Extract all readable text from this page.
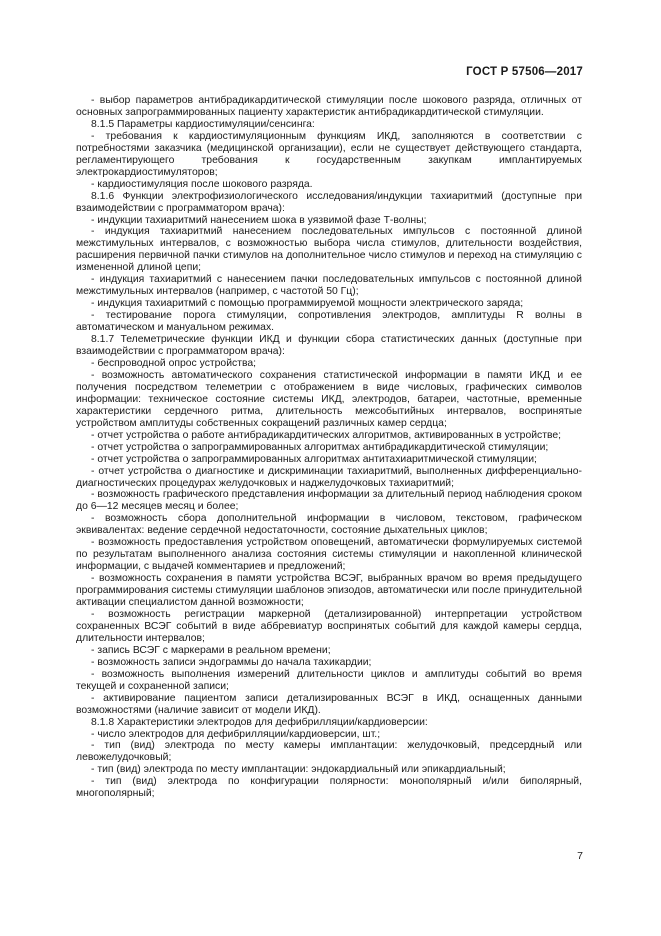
ГОСТ Р 57506—2017

- выбор параметров антибрадикардитической стимуляции после шокового разряда, отличных от основных запрограммированных пациенту характеристик антибрадикардитической стимуляции.

8.1.5 Параметры кардиостимуляции/сенсинга:

- требования к кардиостимуляционным функциям ИКД, заполняются в соответствии с потребностями заказчика (медицинской организации), если не существует действующего стандарта, регламентирующего требования к государственным закупкам имплантируемых электрокардиостимуляторов;

- кардиостимуляция после шокового разряда.

8.1.6 Функции электрофизиологического исследования/индукции тахиаритмий (доступные при взаимодействии с программатором врача):

- индукции тахиаритмий нанесением шока в уязвимой фазе Т-волны;

- индукция тахиаритмий нанесением последовательных импульсов с постоянной длиной межстимульных интервалов, с возможностью выбора числа стимулов, длительности воздействия, расширения первичной пачки стимулов на дополнительное число стимулов и переход на стимуляцию с измененной длиной цепи;

- индукция тахиаритмий с нанесением пачки последовательных импульсов с постоянной длиной межстимульных интервалов (например, с частотой 50 Гц);

- индукция тахиаритмий с помощью программируемой мощности электрического заряда;

- тестирование порога стимуляции, сопротивления электродов, амплитуды R волны в автоматическом и мануальном режимах.

8.1.7 Телеметрические функции ИКД и функции сбора статистических данных (доступные при взаимодействии с программатором врача):

- беспроводной опрос устройства;

- возможность автоматического сохранения статистической информации в памяти ИКД и ее получения посредством телеметрии с отображением в виде числовых, графических символов информации: техническое состояние системы ИКД, электродов, батареи, частотные, временные характеристики сердечного ритма, длительность межсобытийных интервалов, воспринятые устройством амплитуды собственных сокращений различных камер сердца;

- отчет устройства о работе антибрадикардитических алгоритмов, активированных в устройстве;

- отчет устройства о запрограммированных алгоритмах антибрадикардитической стимуляции;

- отчет устройства о запрограммированных алгоритмах антитахиаритмической стимуляции;

- отчет устройства о диагностике и дискриминации тахиаритмий, выполненных дифференциально-диагностических процедурах желудочковых и наджелудочковых тахиаритмий;

- возможность графического представления информации за длительный период наблюдения сроком до 6—12 месяцев месяц и более;

- возможность сбора дополнительной информации в числовом, текстовом, графическом эквивалентах: ведение сердечной недостаточности, состояние дыхательных циклов;

- возможность предоставления устройством оповещений, автоматически формулируемых системой по результатам выполненного анализа состояния системы стимуляции и накопленной клинической информации, с выдачей комментариев и предложений;

- возможность сохранения в памяти устройства ВСЭГ, выбранных врачом во время предыдущего программирования системы стимуляции шаблонов эпизодов, автоматически или после принудительной активации специалистом данной возможности;

- возможность регистрации маркерной (детализированной) интерпретации устройством сохраненных ВСЭГ событий в виде аббревиатур воспринятых событий для каждой камеры сердца, длительности интервалов;

- запись ВСЭГ с маркерами в реальном времени;

- возможность записи эндограммы до начала тахикардии;

- возможность выполнения измерений длительности циклов и амплитуды событий во время текущей и сохраненной записи;

- активирование пациентом записи детализированных ВСЭГ в ИКД, оснащенных данными возможностями (наличие зависит от модели ИКД).

8.1.8 Характеристики электродов для дефибрилляции/кардиоверсии:

- число электродов для дефибрилляции/кардиоверсии, шт.;

- тип (вид) электрода по месту камеры имплантации: желудочковый, предсердный или левожелудочковый;

- тип (вид) электрода по месту имплантации: эндокардиальный или эпикардиальный;

- тип (вид) электрода по конфигурации полярности: монополярный и/или биполярный, многополярный;

7
